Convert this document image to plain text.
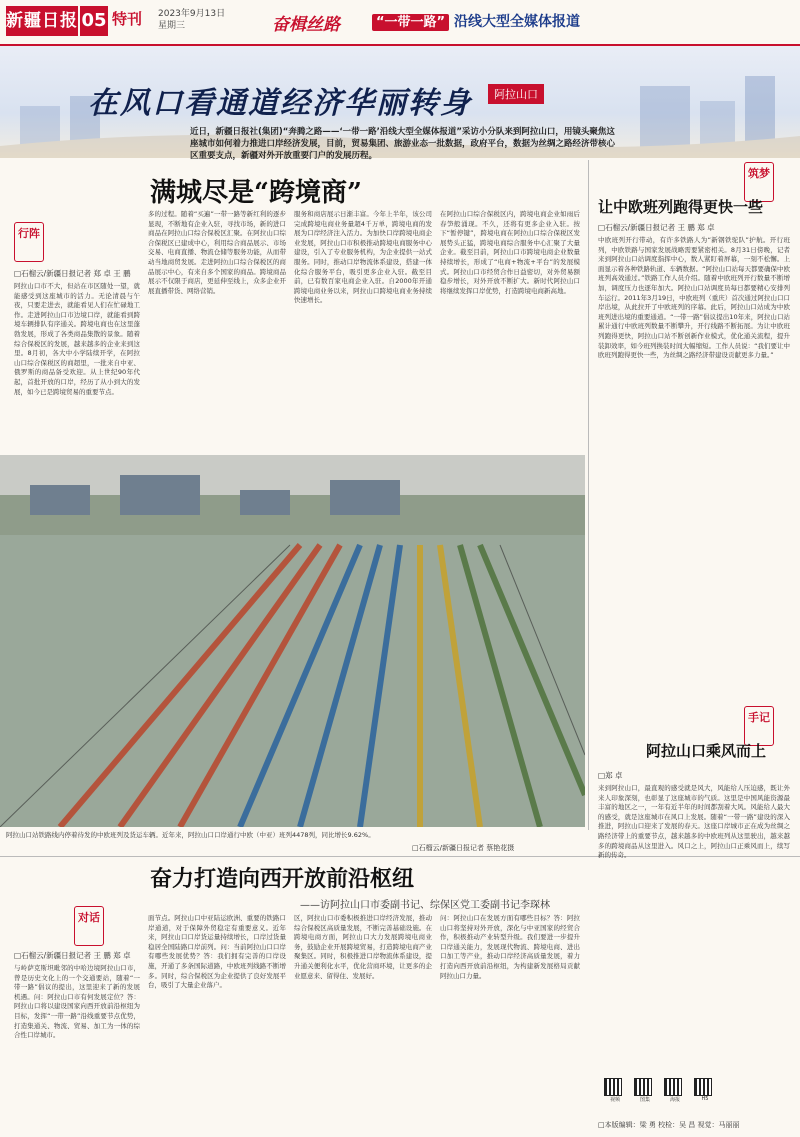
新疆日报 05 特刊 2023年9月13日
星期三	奋楫丝路	“一带一路” 沿线大型全媒体报道
阿拉山口
在风口看通道经济华丽转身
近日，新疆日报社(集团)“奔腾之路——‘一带一路’沿线大型全媒体报道”采访小分队来到阿拉山口，用镜头聚焦这座城市如何着力推进口岸经济发展，目前，贸易集团、旅游业态一批数据，政府平台，数据为丝绸之路经济带核心区重要支点，新疆对外开放重要门户的发展历程。
行阵
满城尽是“跨境商”
□石榴云/新疆日报记者 郑 卓 王 鹏
阿拉山口市不大，但站在市区随处一望，就能感受到这座城市的活力。无论清晨与午夜，只要走进去，就能看见人们在忙碌地工作。走进阿拉山口市边境口岸，就能看到跨境车辆排队有序通关。跨境电商也在这里蓬勃发展，形成了各类商品集散的景象。随着综合保税区的发展，越来越多的企业来到这里。8月初，各大中小学陆续开学，在阿拉山口综合保税区的商超里，一批来自中亚、俄罗斯的商品备受欢迎。从上世纪90年代起，首批开放的口岸，经历了从小到大的发展，如今已是跨境贸易的重要节点。
多的过程。随着“买遍”一带一路等新红利的逐步显现，不断地有企业入驻，寻找市场，新的进口商品在阿拉山口综合保税区汇聚。在阿拉山口综合保税区已建成中心，利用综合商品展示、市场交易、电商直播、物流仓储等服务功能，从而带动当地商贸发展。走进阿拉山口综合保税区的商品展示中心，有来自多个国家的商品。跨境商品展示不仅限于商店，更延伸至线上，众多企业开展直播带货、网络营销。
服务和商店展示日渐丰富。今年上半年，该公司完成跨境电商业务量超4千万单，跨境电商的发展为口岸经济注入活力。为加快口岸跨境电商企业发展，阿拉山口市积极推动跨境电商服务中心建设，引入了专业服务机构，为企业提供一站式服务。同时，推动口岸物流体系建设，搭建一体化综合服务平台，吸引更多企业入驻。截至目前，已有数百家电商企业入驻。自2000年开通跨境电商业务以来，阿拉山口跨境电商业务持续快速增长。
在阿拉山口综合保税区内，跨境电商企业如雨后春笋般涌现。不久，还将有更多企业入驻。按下“暂停键”，跨境电商在阿拉山口综合保税区发展势头正猛，跨境电商综合服务中心汇聚了大量企业。截至目前，阿拉山口市跨境电商企业数量持续增长，形成了“电商+物流+平台”的发展模式。阿拉山口市经贸合作日益密切，对外贸易额稳步增长，对外开放不断扩大。新时代阿拉山口将继续发挥口岸优势，打造跨境电商新高地。
筑梦
让中欧班列跑得更快一些
□石榴云/新疆日报记者 王 鹏 郑 卓
中欧班列开行带动，有许多铁路人为“新钢铁驼队”护航。开行班列，中欧铁路与国家发展战略需要紧密相关。8月31日傍晚，记者来到阿拉山口站调度指挥中心，数人紧盯着屏幕，一刻不松懈。上面显示着各种铁路轨道、车辆数据。“阿拉山口站每天都要确保中欧班列高效通过。”铁路工作人员介绍。随着中欧班列开行数量不断增加，调度压力也逐年加大。阿拉山口站调度员每日都要精心安排列车运行。2011年3月19日，中欧班列（重庆）首次通过阿拉山口口岸出境，从此拉开了中欧班列的序幕。此后，阿拉山口站成为中欧班列进出境的重要通道。“一带一路”倡议提出10年来，阿拉山口站累计通行中欧班列数量不断攀升，开行线路不断拓展。为让中欧班列跑得更快，阿拉山口站不断创新作业模式，优化通关流程，提升装卸效率，如今班列换装时间大幅缩短。工作人员说：“我们要让中欧班列跑得更快一些，为丝绸之路经济带建设贡献更多力量。”
阿拉山口站铁路线内停着待发的中欧班列及货运车辆。近年来，阿拉山口口岸通行中欧（中亚）班列4478列，同比增长9.62%。
□石榴云/新疆日报记者 蔡艳花摄
奋力打造向西开放前沿枢纽
——访阿拉山口市委副书记、综保区党工委副书记李琛林
对话
□石榴云/新疆日报记者 王 鹏 郑 卓
与岭萨克斯坦毗邻的中哈边境阿拉山口市，曾是历史文化上的一个交通要站，随着“一带一路”倡议的提出，这里迎来了新的发展机遇。问：阿拉山口市有何发展定位？答：阿拉山口将以建设国家向西开放前沿枢纽为目标，发挥“一带一路”沿线重要节点优势，打造集通关、物流、贸易、加工为一体的综合性口岸城市。
面节点。阿拉山口中亚陆运欧洲、重要的铁路口岸通道，对于保障外贸稳定有重要意义。近年来，阿拉山口口岸货运量持续增长，口岸过货量稳居全国陆路口岸前列。问：当前阿拉山口口岸有哪些发展优势？答：我们拥有完善的口岸设施，开通了多条国际道路，中欧班列线路不断增多。同时，综合保税区为企业提供了良好发展平台，吸引了大量企业落户。
区，阿拉山口市委积极推进口岸经济发展，推动综合保税区高质量发展，不断完善基础设施。在跨境电商方面，阿拉山口大力发展跨境电商业务，鼓励企业开展跨境贸易，打造跨境电商产业聚集区。同时，积极推进口岸物流体系建设，提升通关便利化水平，优化营商环境，让更多的企业愿意来、留得住、发展好。
问：阿拉山口在发展方面有哪些目标？答：阿拉山口将坚持对外开放，深化与中亚国家的经贸合作，积极推动产业转型升级。我们要进一步提升口岸通关能力，发展现代物流、跨境电商、进出口加工等产业，推动口岸经济高质量发展，着力打造向西开放前沿枢纽，为构建新发展格局贡献阿拉山口力量。
手记
阿拉山口乘风而上
□郑 卓
来到阿拉山口，最直观的感受就是风大，风能给人压迫感，既让外来人印象深刻，也彰显了这座城市的气质。这里是中国风能资源最丰富的地区之一，一年有近半年的时间都刮着大风。风能给人最大的感受，就是这座城市在风口上发展。随着“一带一路”建设的深入推进，阿拉山口迎来了发展的春天。这座口岸城市正在成为丝绸之路经济带上的重要节点，越来越多的中欧班列从这里驶出，越来越多的跨境商品从这里进入。风口之上，阿拉山口正乘风而上，续写新的传奇。
视频	图集	海报	H5
□本版编辑：梁 勇 校检：吴 昌 视觉：马丽丽
